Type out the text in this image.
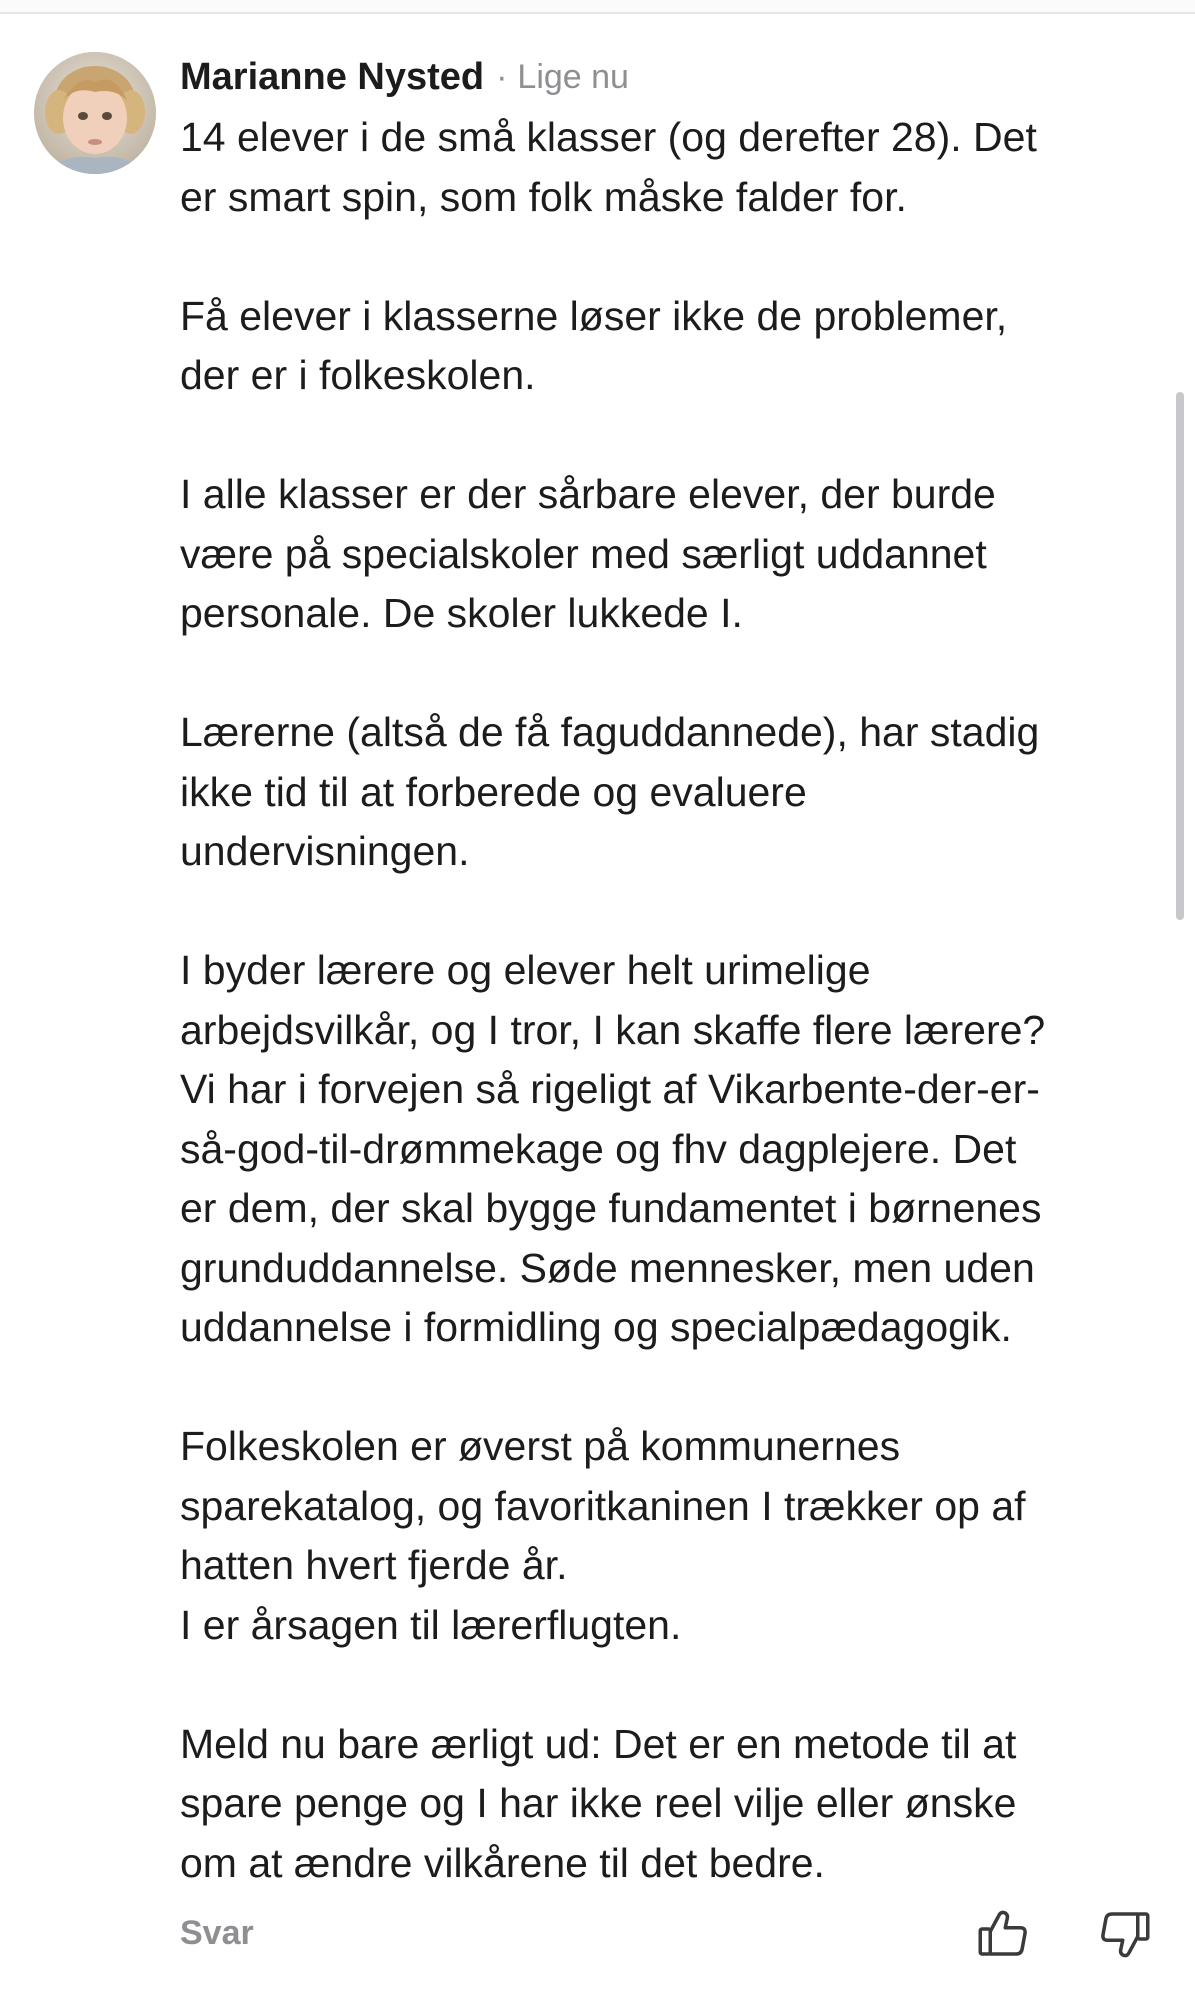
Marianne Nysted · Lige nu
14 elever i de små klasser (og derefter 28). Det
er smart spin, som folk måske falder for.
Få elever i klasserne løser ikke de problemer,
der er i folkeskolen.
I alle klasser er der sårbare elever, der burde
være på specialskoler med særligt uddannet
personale. De skoler lukkede I.
Lærerne (altså de få faguddannede), har stadig
ikke tid til at forberede og evaluere
undervisningen.
I byder lærere og elever helt urimelige
arbejdsvilkår, og I tror, I kan skaffe flere lærere?
Vi har i forvejen så rigeligt af Vikarbente-der-er-
så-god-til-drømmekage og fhv dagplejere. Det
er dem, der skal bygge fundamentet i børnenes
grunduddannelse. Søde mennesker, men uden
uddannelse i formidling og specialpædagogik.
Folkeskolen er øverst på kommunernes
sparekatalog, og favoritkaninen I trækker op af
hatten hvert fjerde år.
I er årsagen til lærerflugten.
Meld nu bare ærligt ud: Det er en metode til at
spare penge og I har ikke reel vilje eller ønske
om at ændre vilkårene til det bedre.
Svar
